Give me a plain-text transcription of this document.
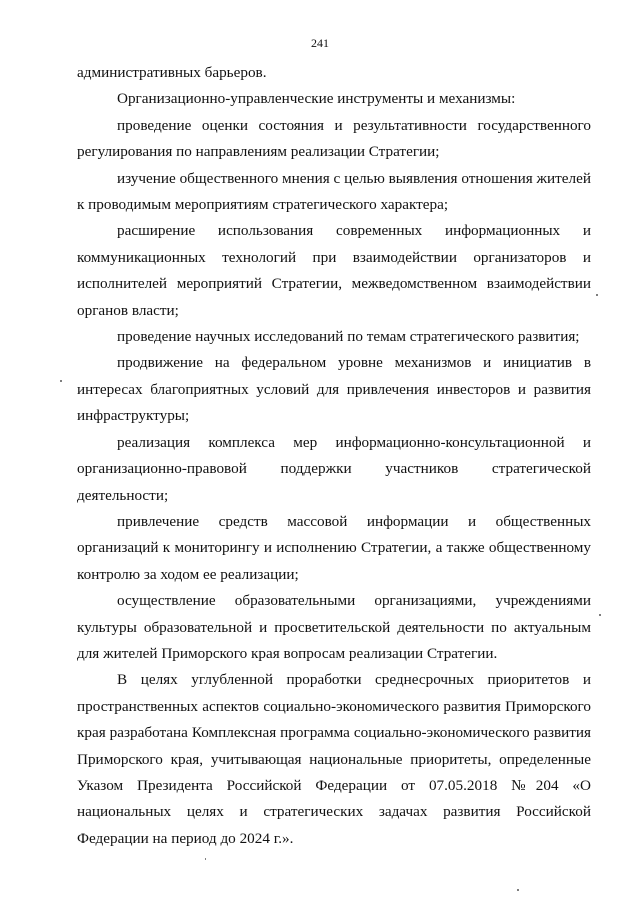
241

административных барьеров.

Организационно-управленческие инструменты и механизмы:

проведение оценки состояния и результативности государственного регулирования по направлениям реализации Стратегии;

изучение общественного мнения с целью выявления отношения жителей к проводимым мероприятиям стратегического характера;

расширение использования современных информационных и коммуникационных технологий при взаимодействии организаторов и исполнителей мероприятий Стратегии, межведомственном взаимодействии органов власти;

проведение научных исследований по темам стратегического развития;

продвижение на федеральном уровне механизмов и инициатив в интересах благоприятных условий для привлечения инвесторов и развития инфраструктуры;

реализация комплекса мер информационно-консультационной и организационно-правовой поддержки участников стратегической деятельности;

привлечение средств массовой информации и общественных организаций к мониторингу и исполнению Стратегии, а также общественному контролю за ходом ее реализации;

осуществление образовательными организациями, учреждениями культуры образовательной и просветительской деятельности по актуальным для жителей Приморского края вопросам реализации Стратегии.

В целях углубленной проработки среднесрочных приоритетов и пространственных аспектов социально-экономического развития Приморского края разработана Комплексная программа социально-экономического развития Приморского края, учитывающая национальные приоритеты, определенные Указом Президента Российской Федерации от 07.05.2018 №204 «О национальных целях и стратегических задачах развития Российской Федерации на период до 2024 г.».
